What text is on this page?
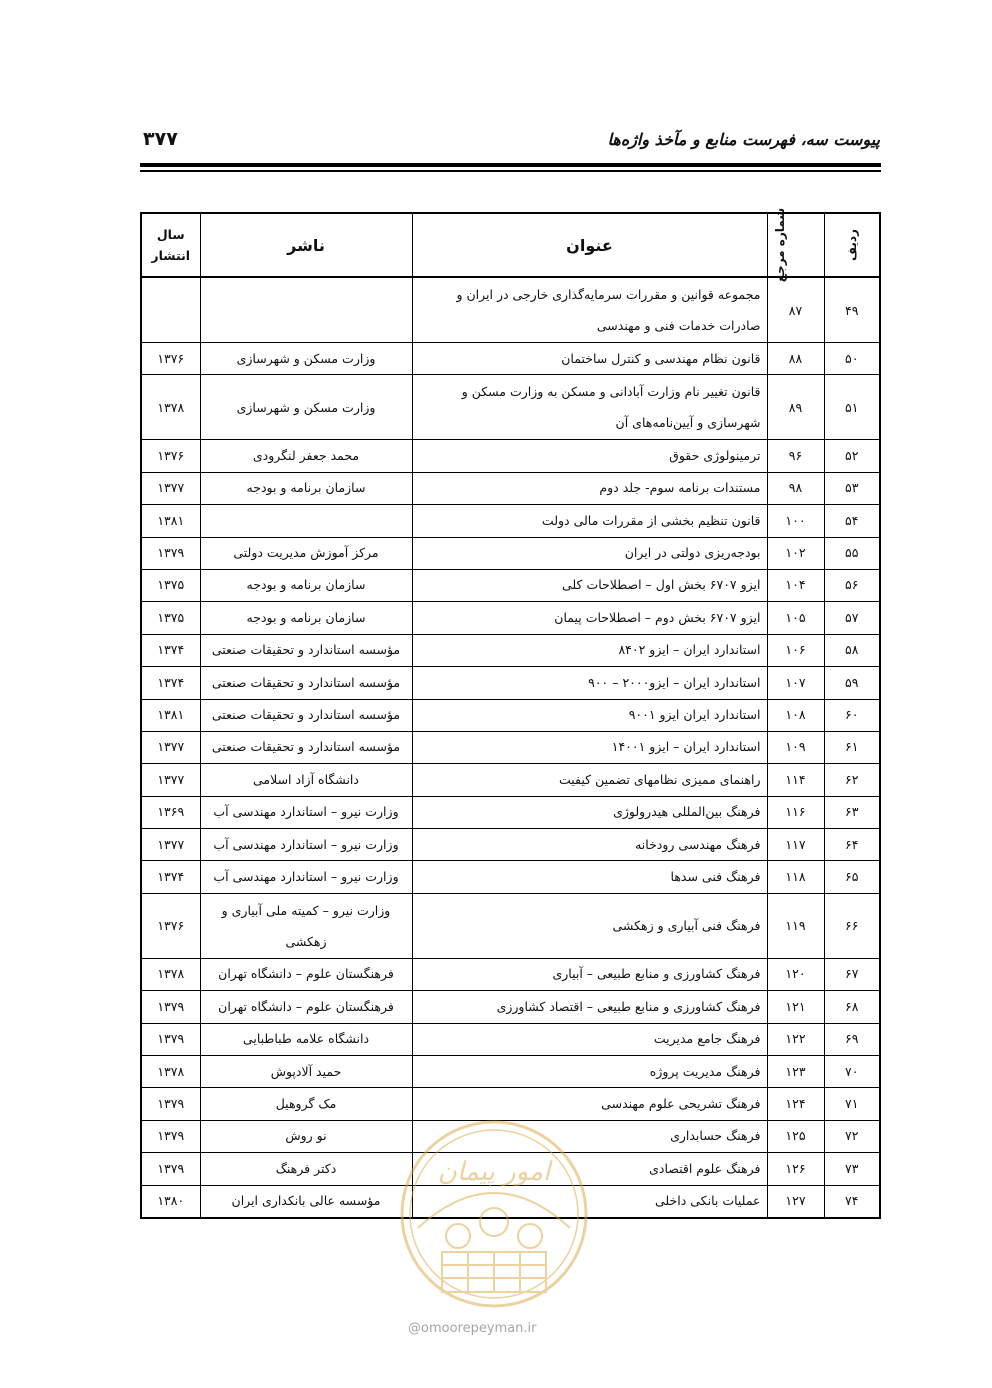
پیوست سه، فهرست منابع و مآخذ واژه‌ها
۳۷۷
ردیف	شماره مرجع	عنوان	ناشر	سال
انتشار

۴۹	۸۷	مجموعه قوانین و مقررات سرمایه‌گذاری خارجی در ایران و صادرات خدمات فنی و مهندسی		
۵۰	۸۸	قانون نظام مهندسی و کنترل ساختمان	وزارت مسکن و شهرسازی	۱۳۷۶
۵۱	۸۹	قانون تغییر نام وزارت آبادانی و مسکن به وزارت مسکن و شهرسازی و آیین‌نامه‌های آن	وزارت مسکن و شهرسازی	۱۳۷۸
۵۲	۹۶	ترمینولوژی حقوق	محمد جعفر لنگرودی	۱۳۷۶
۵۳	۹۸	مستندات برنامه سوم- جلد دوم	سازمان برنامه و بودجه	۱۳۷۷
۵۴	۱۰۰	قانون تنظیم بخشی از مقررات مالی دولت		۱۳۸۱
۵۵	۱۰۲	بودجه‌ریزی دولتی در ایران	مرکز آموزش مدیریت دولتی	۱۳۷۹
۵۶	۱۰۴	ایزو ۶۷۰۷ بخش اول – اصطلاحات کلی	سازمان برنامه و بودجه	۱۳۷۵
۵۷	۱۰۵	ایزو ۶۷۰۷ بخش دوم – اصطلاحات پیمان	سازمان برنامه و بودجه	۱۳۷۵
۵۸	۱۰۶	استاندارد ایران – ایزو ۸۴۰۲	مؤسسه استاندارد و تحقیقات صنعتی	۱۳۷۴
۵۹	۱۰۷	استاندارد ایران – ایزو۲۰۰۰ – ۹۰۰	مؤسسه استاندارد و تحقیقات صنعتی	۱۳۷۴
۶۰	۱۰۸	استاندارد ایران ایزو ۹۰۰۱	مؤسسه استاندارد و تحقیقات صنعتی	۱۳۸۱
۶۱	۱۰۹	استاندارد ایران – ایزو ۱۴۰۰۱	مؤسسه استاندارد و تحقیقات صنعتی	۱۳۷۷
۶۲	۱۱۴	راهنمای ممیزی نظامهای تضمین کیفیت	دانشگاه آزاد اسلامی	۱۳۷۷
۶۳	۱۱۶	فرهنگ بین‌المللی هیدرولوژی	وزارت نیرو – استاندارد مهندسی آب	۱۳۶۹
۶۴	۱۱۷	فرهنگ مهندسی رودخانه	وزارت نیرو – استاندارد مهندسی آب	۱۳۷۷
۶۵	۱۱۸	فرهنگ فنی سدها	وزارت نیرو – استاندارد مهندسی آب	۱۳۷۴
۶۶	۱۱۹	فرهنگ فنی آبیاری و زهکشی	وزارت نیرو – کمیته ملی آبیاری و زهکشی	۱۳۷۶
۶۷	۱۲۰	فرهنگ کشاورزی و منابع طبیعی – آبیاری	فرهنگستان علوم – دانشگاه تهران	۱۳۷۸
۶۸	۱۲۱	فرهنگ کشاورزی و منابع طبیعی – اقتصاد کشاورزی	فرهنگستان علوم – دانشگاه تهران	۱۳۷۹
۶۹	۱۲۲	فرهنگ جامع مدیریت	دانشگاه علامه طباطبایی	۱۳۷۹
۷۰	۱۲۳	فرهنگ مدیریت پروژه	حمید آلادپوش	۱۳۷۸
۷۱	۱۲۴	فرهنگ تشریحی علوم مهندسی	مک گروهیل	۱۳۷۹
۷۲	۱۲۵	فرهنگ حسابداری	نو روش	۱۳۷۹
۷۳	۱۲۶	فرهنگ علوم اقتصادی	دکتر فرهنگ	۱۳۷۹
۷۴	۱۲۷	عملیات بانکی داخلی	مؤسسه عالی بانکداری ایران	۱۳۸۰
امور پیمان
@omoorepeyman.ir
